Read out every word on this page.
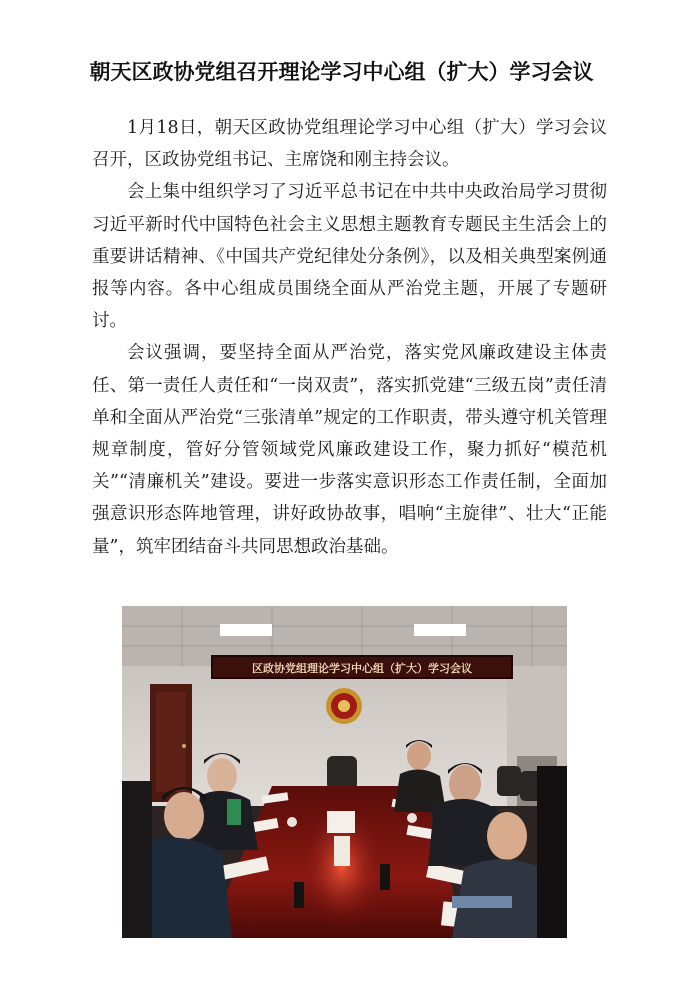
朝天区政协党组召开理论学习中心组（扩大）学习会议

1月18日，朝天区政协党组理论学习中心组（扩大）学习会议召开，区政协党组书记、主席饶和刚主持会议。

会上集中组织学习了习近平总书记在中共中央政治局学习贯彻习近平新时代中国特色社会主义思想主题教育专题民主生活会上的重要讲话精神、《中国共产党纪律处分条例》，以及相关典型案例通报等内容。各中心组成员围绕全面从严治党主题，开展了专题研讨。

会议强调，要坚持全面从严治党，落实党风廉政建设主体责任、第一责任人责任和“一岗双责”，落实抓党建“三级五岗”责任清单和全面从严治党“三张清单”规定的工作职责，带头遵守机关管理规章制度，管好分管领域党风廉政建设工作，聚力抓好“模范机关”“清廉机关”建设。要进一步落实意识形态工作责任制，全面加强意识形态阵地管理，讲好政协故事，唱响“主旋律”、壮大“正能量”，筑牢团结奋斗共同思想政治基础。

区政协党组理论学习中心组（扩大）学习会议
